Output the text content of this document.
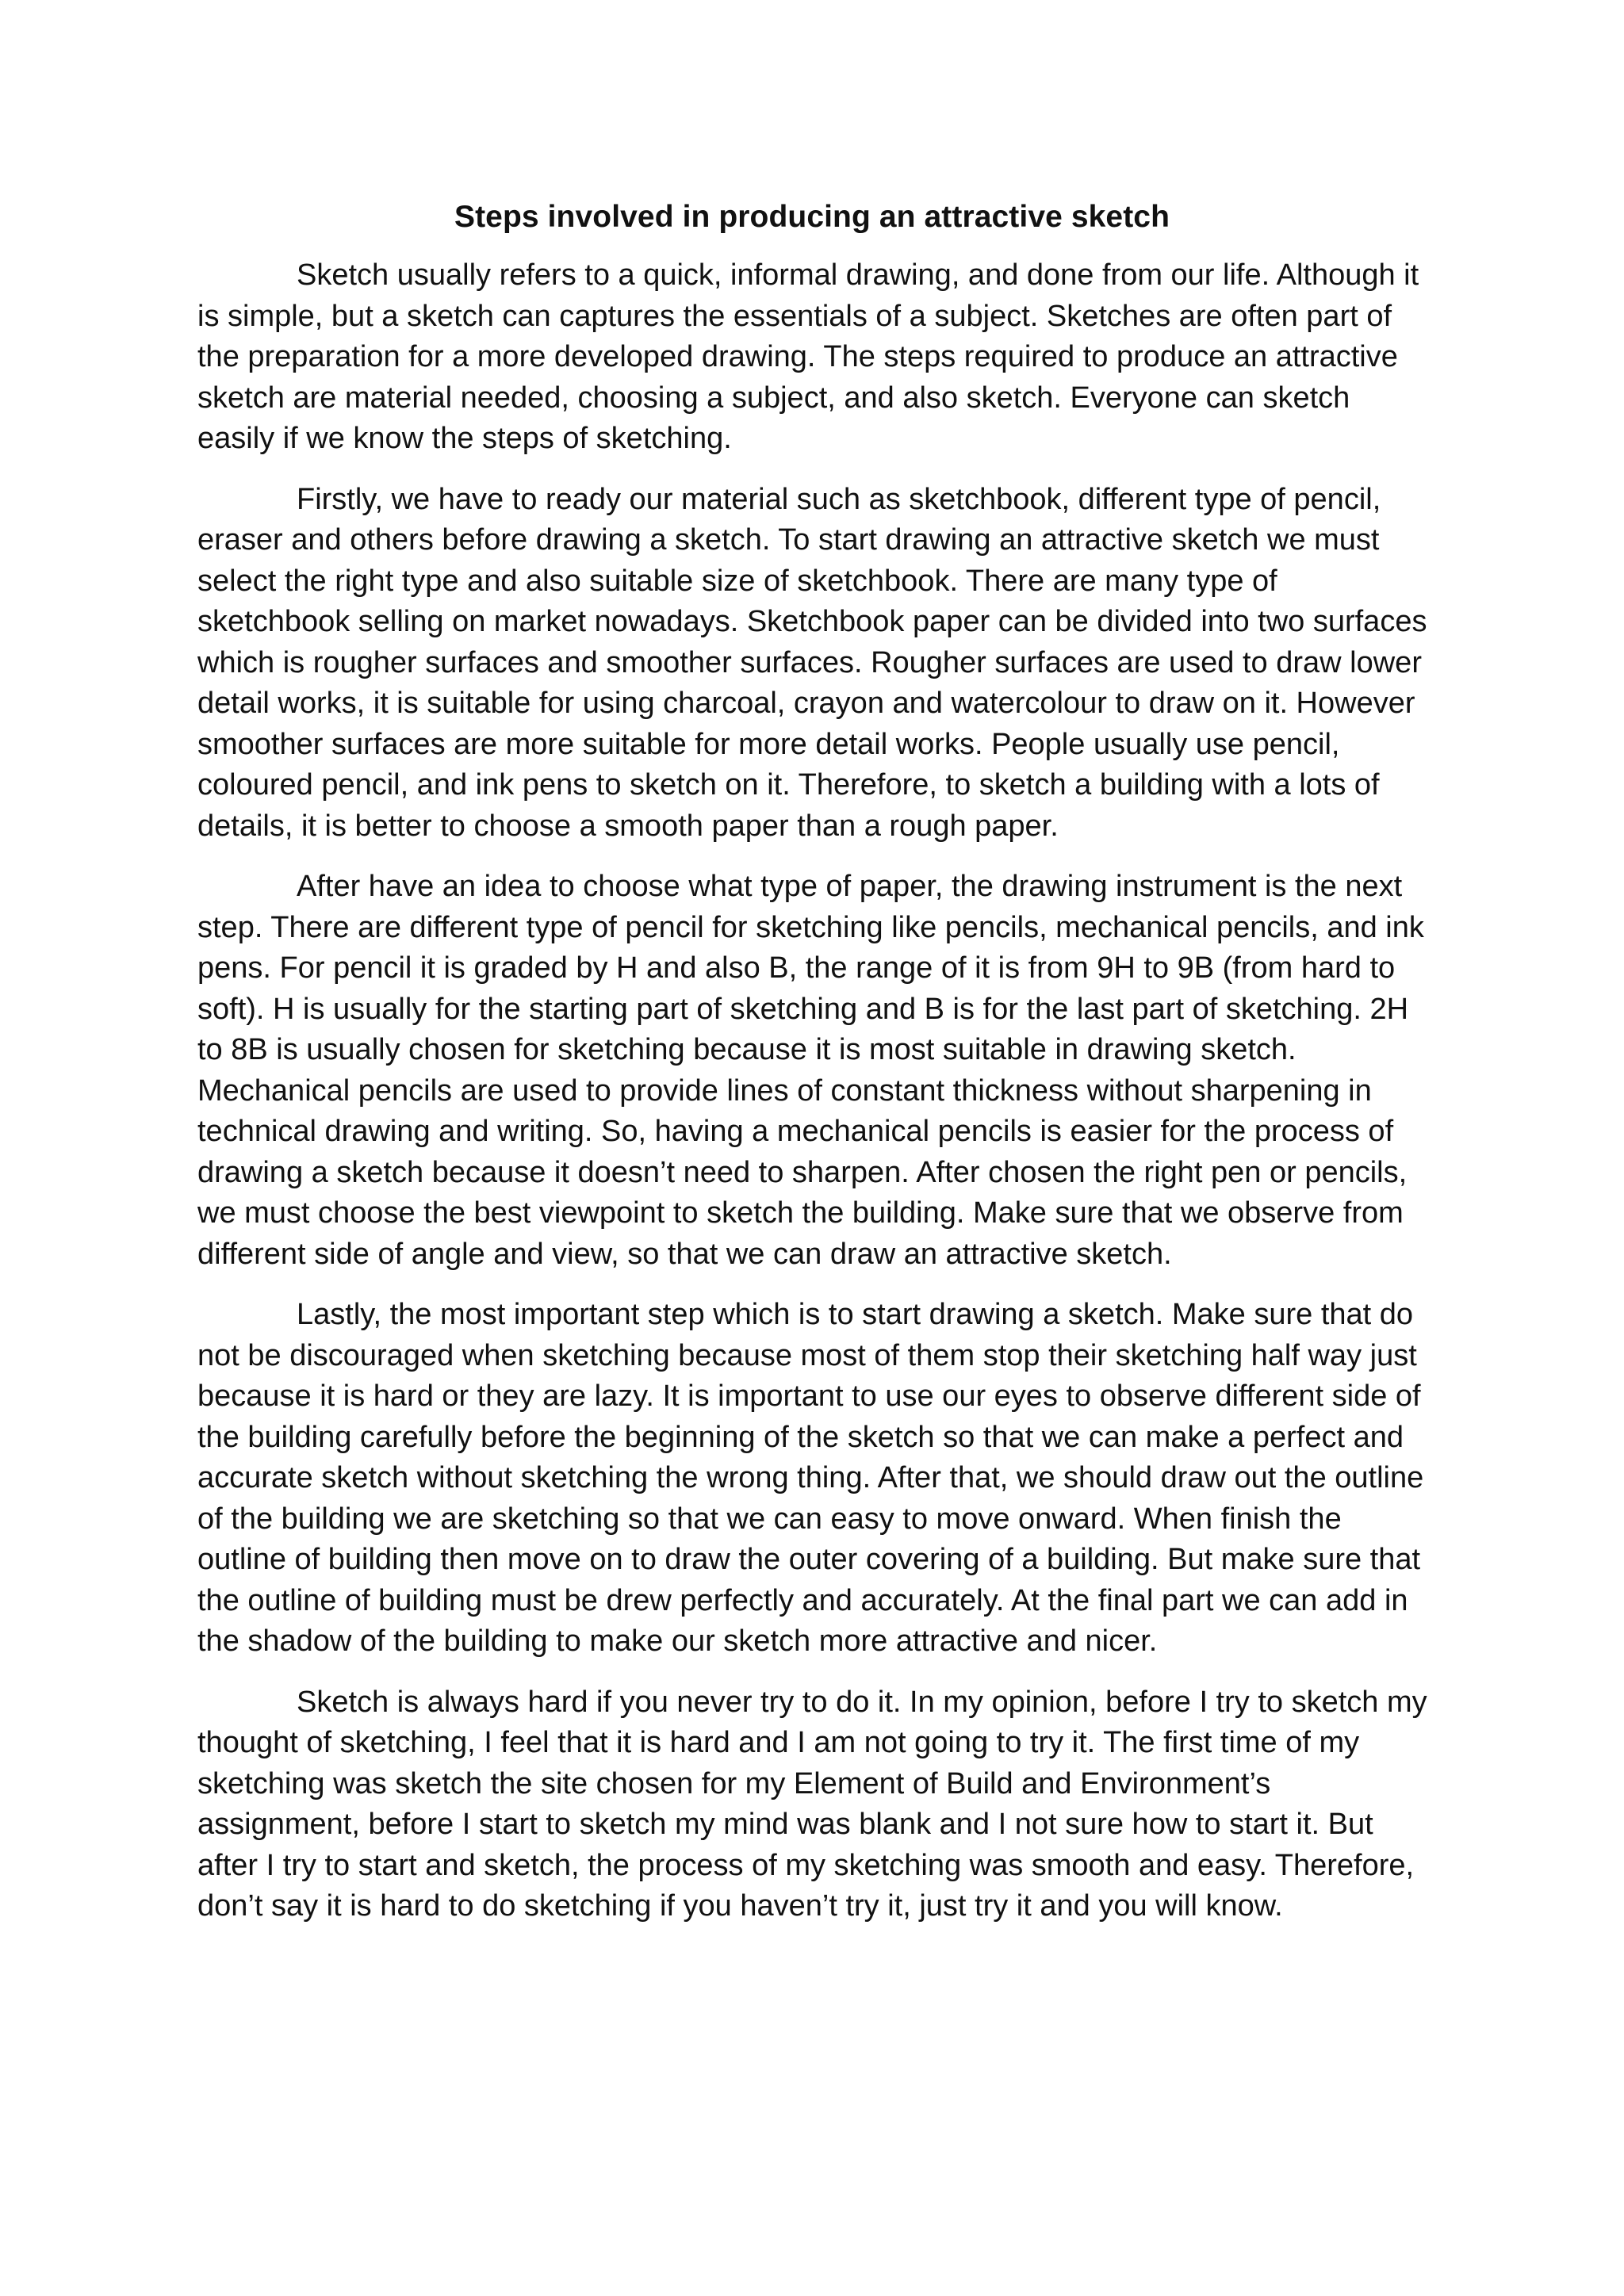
Steps involved in producing an attractive sketch

Sketch usually refers to a quick, informal drawing, and done from our life. Although it is simple, but a sketch can captures the essentials of a subject. Sketches are often part of the preparation for a more developed drawing. The steps required to produce an attractive sketch are material needed, choosing a subject, and also sketch. Everyone can sketch easily if we know the steps of sketching.

Firstly, we have to ready our material such as sketchbook, different type of pencil, eraser and others before drawing a sketch. To start drawing an attractive sketch we must select the right type and also suitable size of sketchbook. There are many type of sketchbook selling on market nowadays. Sketchbook paper can be divided into two surfaces which is rougher surfaces and smoother surfaces. Rougher surfaces are used to draw lower detail works, it is suitable for using charcoal, crayon and watercolour to draw on it. However smoother surfaces are more suitable for more detail works. People usually use pencil, coloured pencil, and ink pens to sketch on it. Therefore, to sketch a building with a lots of details, it is better to choose a smooth paper than a rough paper.

After have an idea to choose what type of paper, the drawing instrument is the next step. There are different type of pencil for sketching like pencils, mechanical pencils, and ink pens. For pencil it is graded by H and also B, the range of it is from 9H to 9B (from hard to soft). H is usually for the starting part of sketching and B is for the last part of sketching. 2H to 8B is usually chosen for sketching because it is most suitable in drawing sketch. Mechanical pencils are used to provide lines of constant thickness without sharpening in technical drawing and writing. So, having a mechanical pencils is easier for the process of drawing a sketch because it doesn’t need to sharpen. After chosen the right pen or pencils, we must choose the best viewpoint to sketch the building. Make sure that we observe from different side of angle and view, so that we can draw an attractive sketch.

Lastly, the most important step which is to start drawing a sketch. Make sure that do not be discouraged when sketching because most of them stop their sketching half way just because it is hard or they are lazy. It is important to use our eyes to observe different side of the building carefully before the beginning of the sketch so that we can make a perfect and accurate sketch without sketching the wrong thing. After that, we should draw out the outline of the building we are sketching so that we can easy to move onward. When finish the outline of building then move on to draw the outer covering of a building. But make sure that the outline of building must be drew perfectly and accurately. At the final part we can add in the shadow of the building to make our sketch more attractive and nicer.

Sketch is always hard if you never try to do it. In my opinion, before I try to sketch my thought of sketching, I feel that it is hard and I am not going to try it. The first time of my sketching was sketch the site chosen for my Element of Build and Environment’s assignment, before I start to sketch my mind was blank and I not sure how to start it. But after I try to start and sketch, the process of my sketching was smooth and easy. Therefore, don’t say it is hard to do sketching if you haven’t try it, just try it and you will know.
